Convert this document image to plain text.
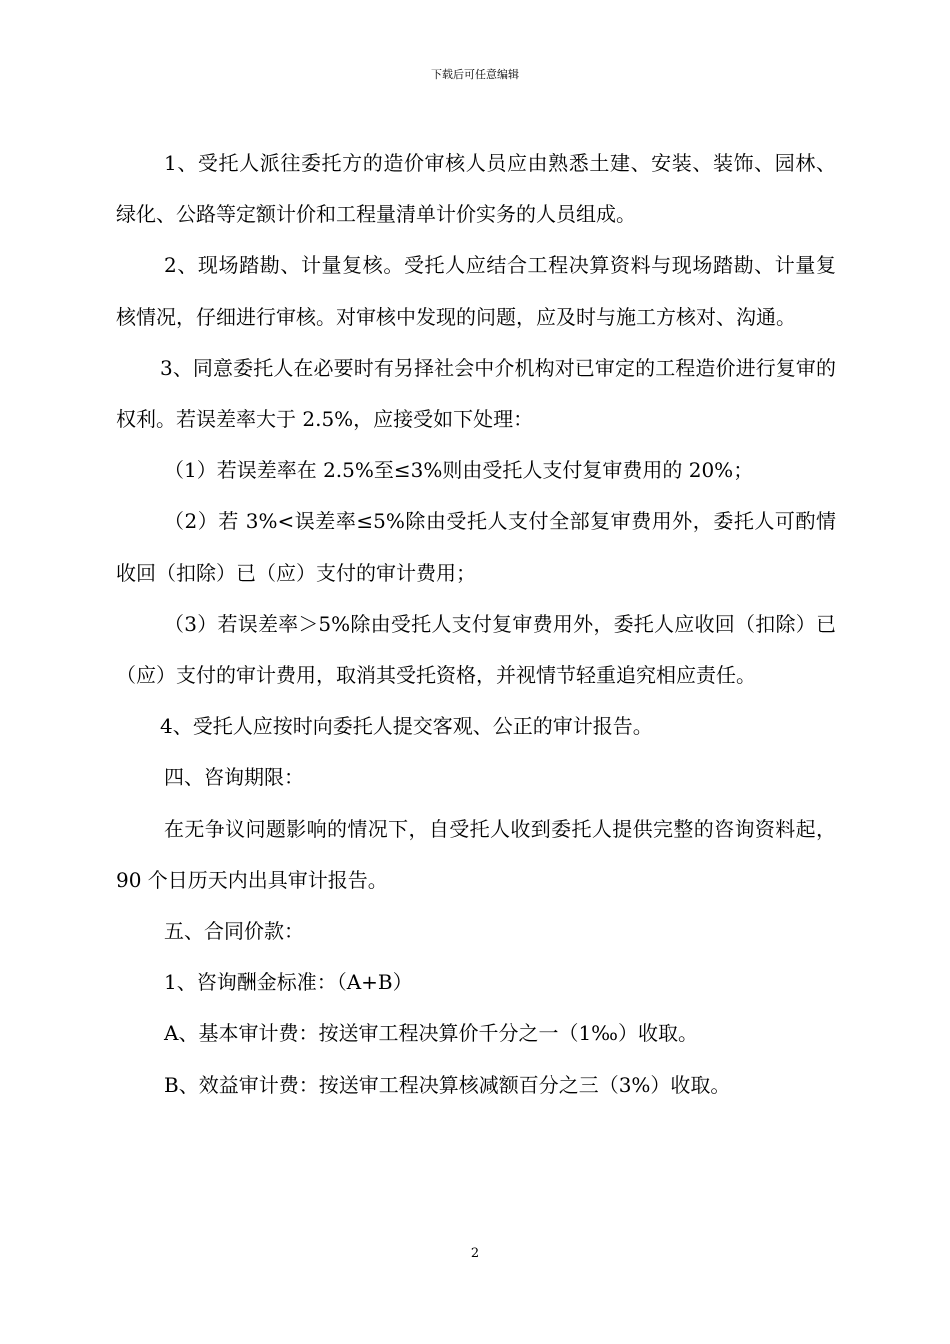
下载后可任意编辑

1、受托人派往委托方的造价审核人员应由熟悉土建、安装、装饰、园林、绿化、公路等定额计价和工程量清单计价实务的人员组成。

2、现场踏勘、计量复核。受托人应结合工程决算资料与现场踏勘、计量复核情况，仔细进行审核。对审核中发现的问题，应及时与施工方核对、沟通。

3、同意委托人在必要时有另择社会中介机构对已审定的工程造价进行复审的权利。若误差率大于 2.5%，应接受如下处理：

（1）若误差率在 2.5%至≤3%则由受托人支付复审费用的 20%；

（2）若 3%<误差率≤5%除由受托人支付全部复审费用外，委托人可酌情收回（扣除）已（应）支付的审计费用；

（3）若误差率＞5%除由受托人支付复审费用外，委托人应收回（扣除）已（应）支付的审计费用，取消其受托资格，并视情节轻重追究相应责任。

4、受托人应按时向委托人提交客观、公正的审计报告。

四、咨询期限：

在无争议问题影响的情况下，自受托人收到委托人提供完整的咨询资料起，90 个日历天内出具审计报告。

五、合同价款：

1、咨询酬金标准：（A+B）

A、基本审计费：按送审工程决算价千分之一（1‰）收取。

B、效益审计费：按送审工程决算核减额百分之三（3%）收取。

2
